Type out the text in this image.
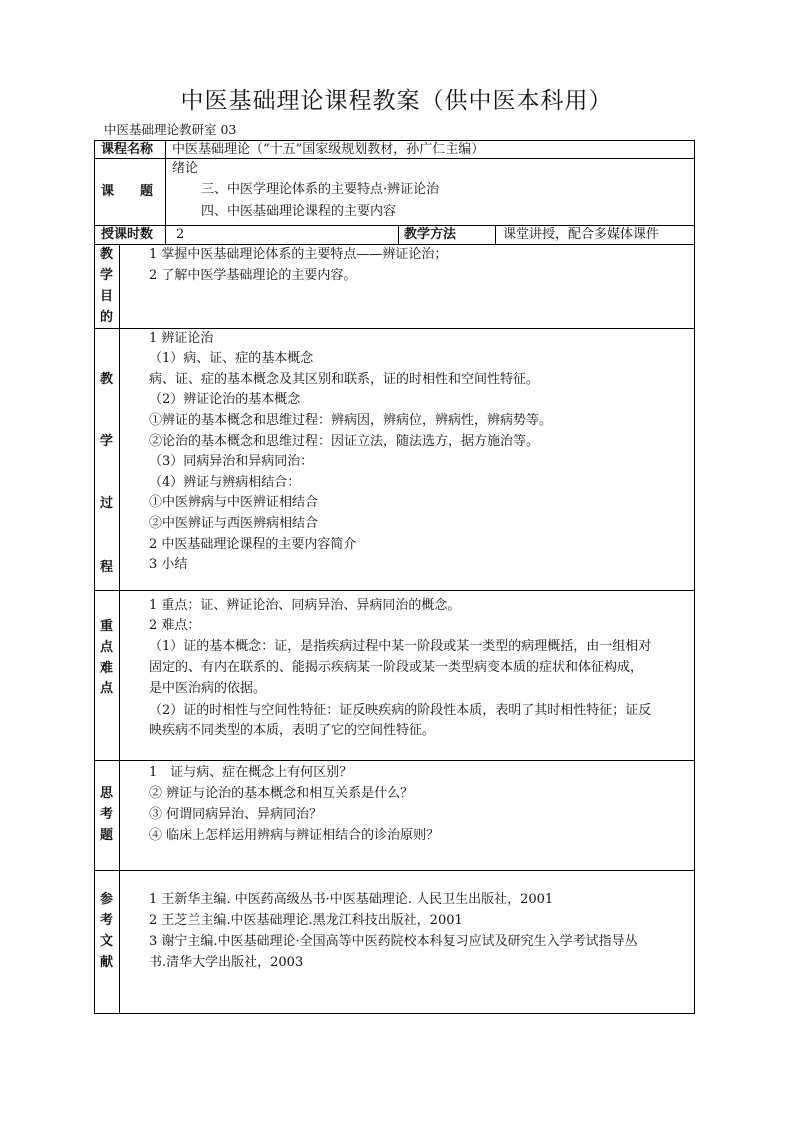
中医基础理论课程教案（供中医本科用）
中医基础理论教研室 03
课程名称 中医基础理论（“十五”国家级规划教材，孙广仁主编）
课　　题
绪论
三、中医学理论体系的主要特点·辨证论治
四、中医基础理论课程的主要内容
授课时数 2	教学方法	课堂讲授，配合多媒体课件
教
学
目
的
1 掌握中医基础理论体系的主要特点——辨证论治；
2 了解中医学基础理论的主要内容。
教
学
过
程
1 辨证论治
（1）病、证、症的基本概念
病、证、症的基本概念及其区别和联系，证的时相性和空间性特征。
（2）辨证论治的基本概念
①辨证的基本概念和思维过程：辨病因，辨病位，辨病性，辨病势等。
②论治的基本概念和思维过程：因证立法，随法选方，据方施治等。
（3）同病异治和异病同治：
（4）辨证与辨病相结合：
①中医辨病与中医辨证相结合
②中医辨证与西医辨病相结合
2 中医基础理论课程的主要内容简介
3 小结
重
点
难
点
1 重点：证、辨证论治、同病异治、异病同治的概念。
2 难点：
（1）证的基本概念：证，是指疾病过程中某一阶段或某一类型的病理概括，由一组相对
固定的、有内在联系的、能揭示疾病某一阶段或某一类型病变本质的症状和体征构成，
是中医治病的依据。
（2）证的时相性与空间性特征：证反映疾病的阶段性本质，表明了其时相性特征；证反
映疾病不同类型的本质，表明了它的空间性特征。
思
考
题
1　证与病、症在概念上有何区别？
② 辨证与论治的基本概念和相互关系是什么？
③ 何谓同病异治、异病同治？
④ 临床上怎样运用辨病与辨证相结合的诊治原则？
参
考
文
献
1 王新华主编. 中医药高级丛书·中医基础理论. 人民卫生出版社，2001
2 王芝兰主编.中医基础理论.黑龙江科技出版社，2001
3 谢宁主编.中医基础理论·全国高等中医药院校本科复习应试及研究生入学考试指导丛
书.清华大学出版社，2003
